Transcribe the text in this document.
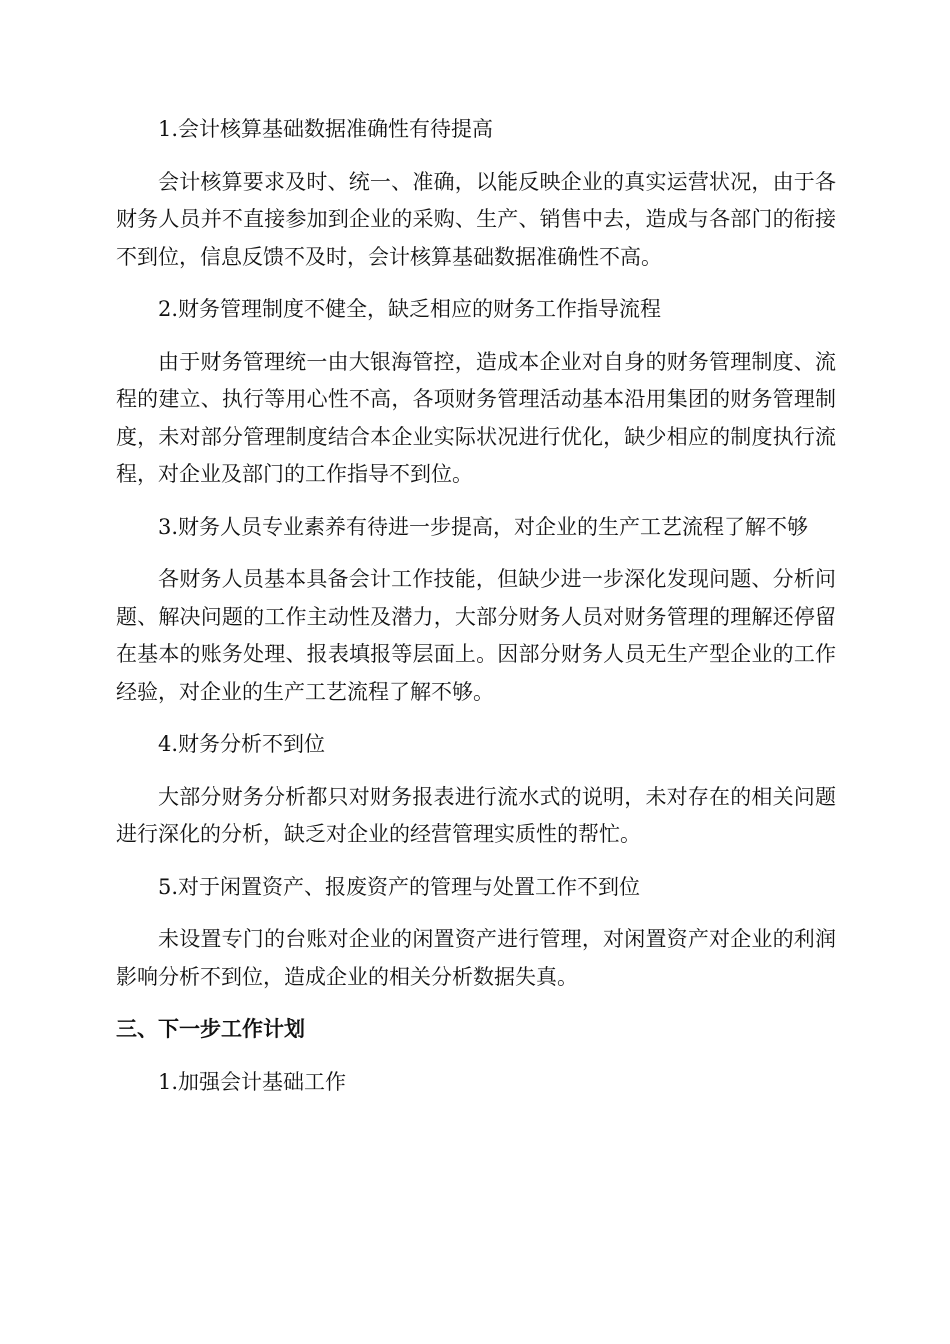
1.会计核算基础数据准确性有待提高

会计核算要求及时、统一、准确，以能反映企业的真实运营状况，由于各财务人员并不直接参加到企业的采购、生产、销售中去，造成与各部门的衔接不到位，信息反馈不及时，会计核算基础数据准确性不高。

2.财务管理制度不健全，缺乏相应的财务工作指导流程

由于财务管理统一由大银海管控，造成本企业对自身的财务管理制度、流程的建立、执行等用心性不高，各项财务管理活动基本沿用集团的财务管理制度，未对部分管理制度结合本企业实际状况进行优化，缺少相应的制度执行流程，对企业及部门的工作指导不到位。

3.财务人员专业素养有待进一步提高，对企业的生产工艺流程了解不够

各财务人员基本具备会计工作技能，但缺少进一步深化发现问题、分析问题、解决问题的工作主动性及潜力，大部分财务人员对财务管理的理解还停留在基本的账务处理、报表填报等层面上。因部分财务人员无生产型企业的工作经验，对企业的生产工艺流程了解不够。

4.财务分析不到位

大部分财务分析都只对财务报表进行流水式的说明，未对存在的相关问题进行深化的分析，缺乏对企业的经营管理实质性的帮忙。

5.对于闲置资产、报废资产的管理与处置工作不到位

未设置专门的台账对企业的闲置资产进行管理，对闲置资产对企业的利润影响分析不到位，造成企业的相关分析数据失真。

三、下一步工作计划

1.加强会计基础工作
